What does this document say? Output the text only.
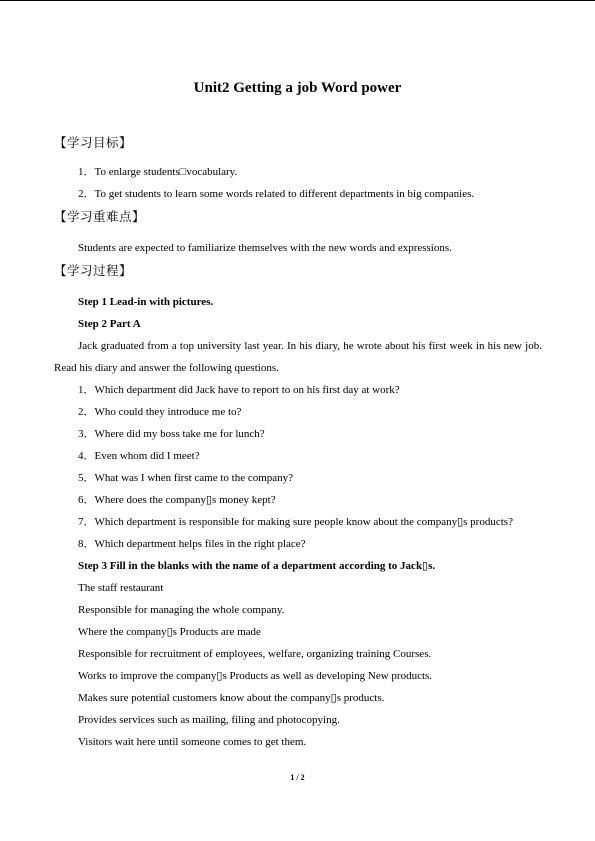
Unit2 Getting a job Word power
【学习目标】
1．To enlarge students□vocabulary.
2．To get students to learn some words related to different departments in big companies.
【学习重难点】
Students are expected to familiarize themselves with the new words and expressions.
【学习过程】
Step 1 Lead-in with pictures.
Step 2 Part A
Jack graduated from a top university last year. In his diary, he wrote about his first week in his new job. Read his diary and answer the following questions.
1．Which department did Jack have to report to on his first day at work?
2．Who could they introduce me to?
3．Where did my boss take me for lunch?
4．Even whom did I meet?
5．What was I when first came to the company?
6．Where does the company▯s money kept?
7．Which department is responsible for making sure people know about the company▯s products?
8．Which department helps files in the right place?
Step 3 Fill in the blanks with the name of a department according to Jack▯s.
The staff restaurant
Responsible for managing the whole company.
Where the company▯s Products are made
Responsible for recruitment of employees, welfare, organizing training Courses.
Works to improve the company▯s Products as well as developing New products.
Makes sure potential customers know about the company▯s products.
Provides services such as mailing, filing and photocopying.
Visitors wait here until someone comes to get them.
1 / 2
